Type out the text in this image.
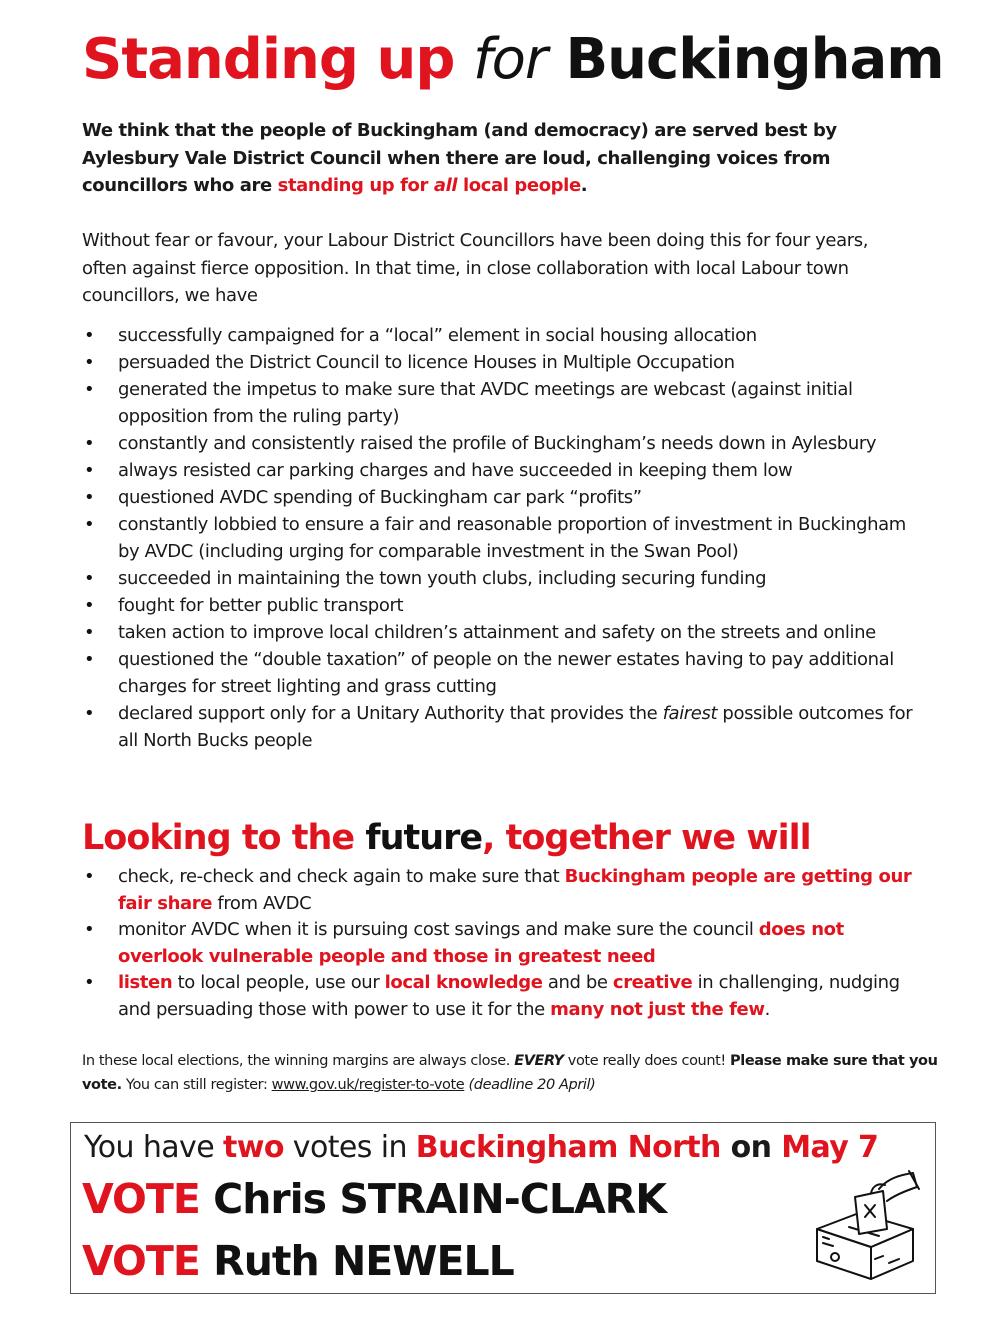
Standing up for Buckingham

We think that the people of Buckingham (and democracy) are served best by Aylesbury Vale District Council when there are loud, challenging voices from councillors who are standing up for all local people.

Without fear or favour, your Labour District Councillors have been doing this for four years, often against fierce opposition. In that time, in close collaboration with local Labour town councillors, we have

• successfully campaigned for a “local” element in social housing allocation
• persuaded the District Council to licence Houses in Multiple Occupation
• generated the impetus to make sure that AVDC meetings are webcast (against initial opposition from the ruling party)
• constantly and consistently raised the profile of Buckingham’s needs down in Aylesbury
• always resisted car parking charges and have succeeded in keeping them low
• questioned AVDC spending of Buckingham car park “profits”
• constantly lobbied to ensure a fair and reasonable proportion of investment in Buckingham by AVDC (including urging for comparable investment in the Swan Pool)
• succeeded in maintaining the town youth clubs, including securing funding
• fought for better public transport
• taken action to improve local children’s attainment and safety on the streets and online
• questioned the “double taxation” of people on the newer estates having to pay additional charges for street lighting and grass cutting
• declared support only for a Unitary Authority that provides the fairest possible outcomes for all North Bucks people
Looking to the future, together we will
• check, re-check and check again to make sure that Buckingham people are getting our fair share from AVDC
• monitor AVDC when it is pursuing cost savings and make sure the council does not overlook vulnerable people and those in greatest need
• listen to local people, use our local knowledge and be creative in challenging, nudging and persuading those with power to use it for the many not just the few.

In these local elections, the winning margins are always close. EVERY vote really does count! Please make sure that you vote. You can still register: www.gov.uk/register-to-vote (deadline 20 April)

You have two votes in Buckingham North on May 7
VOTE Chris STRAIN-CLARK
VOTE Ruth NEWELL
